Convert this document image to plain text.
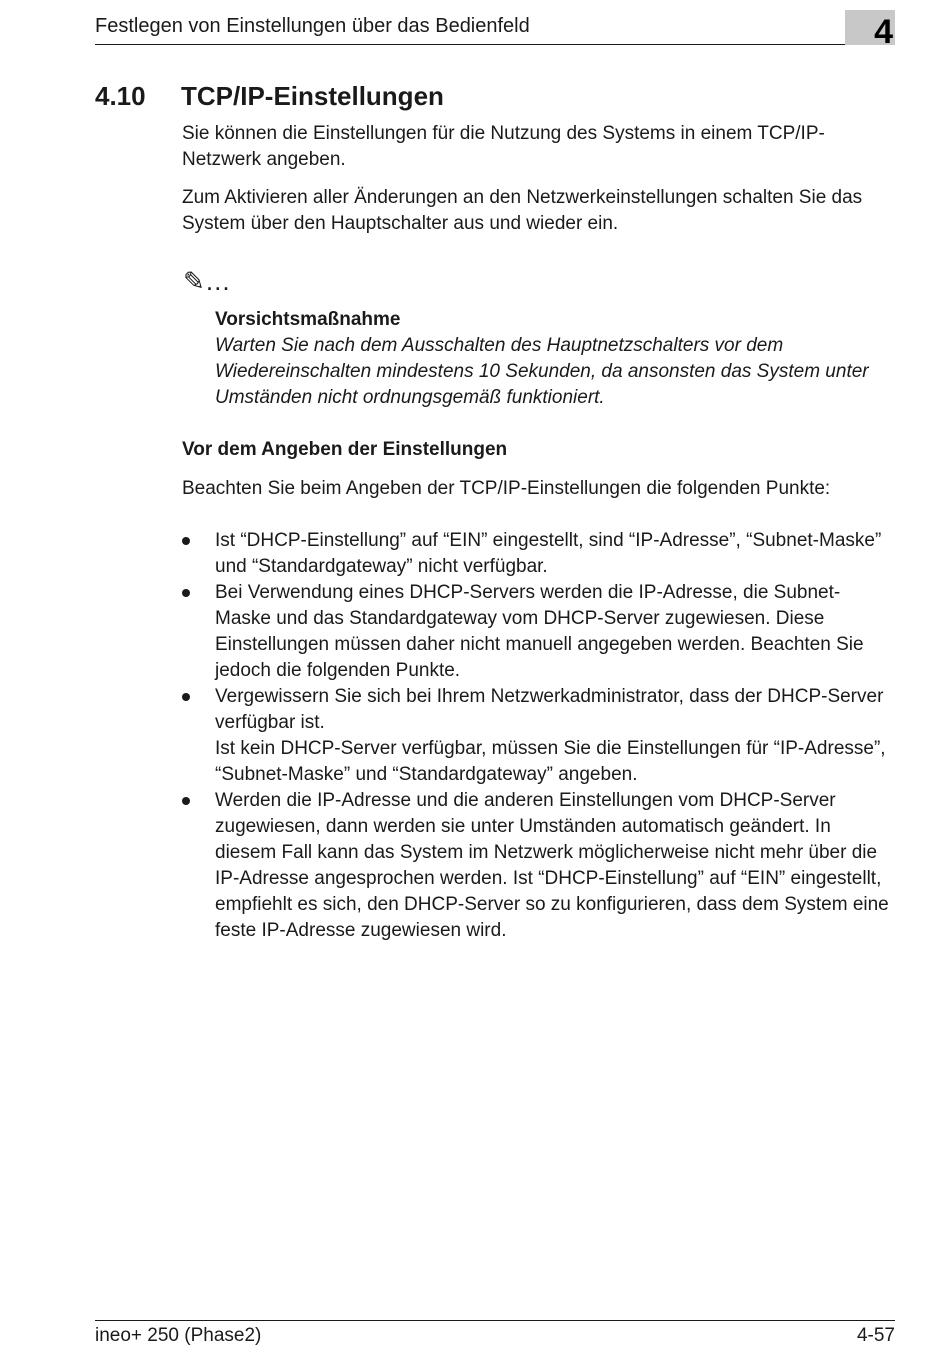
Festlegen von Einstellungen über das Bedienfeld	4
4.10 TCP/IP-Einstellungen

Sie können die Einstellungen für die Nutzung des Systems in einem TCP/IP-Netzwerk angeben.

Zum Aktivieren aller Änderungen an den Netzwerkeinstellungen schalten Sie das System über den Hauptschalter aus und wieder ein.

✎…
Vorsichtsmaßnahme

Warten Sie nach dem Ausschalten des Hauptnetzschalters vor dem Wiedereinschalten mindestens 10 Sekunden, da ansonsten das System unter Umständen nicht ordnungsgemäß funktioniert.

Vor dem Angeben der Einstellungen

Beachten Sie beim Angeben der TCP/IP-Einstellungen die folgenden Punkte:

Ist “DHCP-Einstellung” auf “EIN” eingestellt, sind “IP-Adresse”, “Subnet-Maske” und “Standardgateway” nicht verfügbar.
Bei Verwendung eines DHCP-Servers werden die IP-Adresse, die Subnet-Maske und das Standardgateway vom DHCP-Server zugewiesen. Diese Einstellungen müssen daher nicht manuell angegeben werden. Beachten Sie jedoch die folgenden Punkte.
Vergewissern Sie sich bei Ihrem Netzwerkadministrator, dass der DHCP-Server verfügbar ist.
Ist kein DHCP-Server verfügbar, müssen Sie die Einstellungen für “IP-Adresse”, “Subnet-Maske” und “Standardgateway” angeben.
Werden die IP-Adresse und die anderen Einstellungen vom DHCP-Server zugewiesen, dann werden sie unter Umständen automatisch geändert. In diesem Fall kann das System im Netzwerk möglicherweise nicht mehr über die IP-Adresse angesprochen werden. Ist “DHCP-Einstellung” auf “EIN” eingestellt, empfiehlt es sich, den DHCP-Server so zu konfigurieren, dass dem System eine feste IP-Adresse zugewiesen wird.
ineo+ 250 (Phase2)	4-57
